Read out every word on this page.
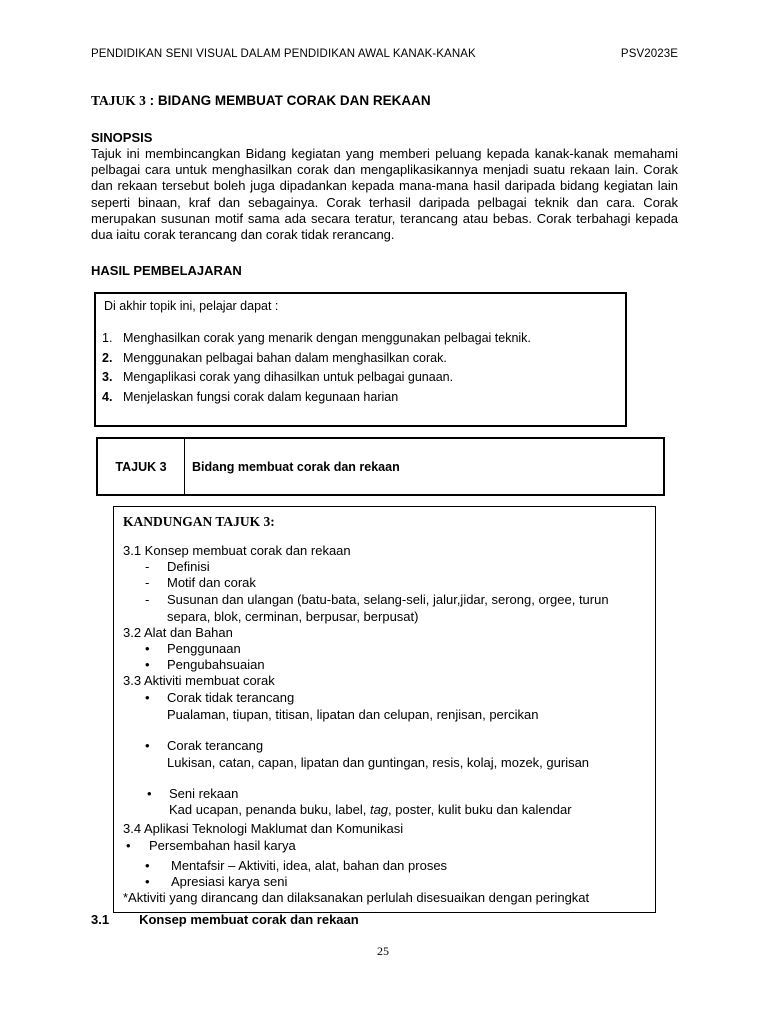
PENDIDIKAN SENI VISUAL DALAM PENDIDIKAN AWAL KANAK-KANAK	PSV2023E
TAJUK 3 : BIDANG MEMBUAT CORAK DAN REKAAN
SINOPSIS
Tajuk ini membincangkan Bidang kegiatan yang memberi peluang kepada kanak-kanak memahami pelbagai cara untuk menghasilkan corak dan mengaplikasikannya menjadi suatu rekaan lain. Corak dan rekaan tersebut boleh juga dipadankan kepada mana-mana hasil daripada bidang kegiatan lain seperti binaan, kraf dan sebagainya. Corak terhasil daripada pelbagai teknik dan cara. Corak merupakan susunan motif sama ada secara teratur, terancang atau bebas. Corak terbahagi kepada dua iaitu corak terancang dan corak tidak rerancang.
HASIL PEMBELAJARAN
Di akhir topik ini, pelajar dapat :
1. Menghasilkan corak yang menarik dengan menggunakan pelbagai teknik.
2. Menggunakan pelbagai bahan dalam menghasilkan corak.
3. Mengaplikasi corak yang dihasilkan untuk pelbagai gunaan.
4. Menjelaskan fungsi corak dalam kegunaan harian
TAJUK 3	Bidang membuat corak dan rekaan
KANDUNGAN TAJUK 3:
3.1 Konsep membuat corak dan rekaan
- Definisi
- Motif dan corak
- Susunan dan ulangan (batu-bata, selang-seli, jalur,jidar, serong, orgee, turun
separa, blok, cerminan, berpusar, berpusat)
3.2 Alat dan Bahan
• Penggunaan
• Pengubahsuaian
3.3 Aktiviti membuat corak
• Corak tidak terancang
Pualaman, tiupan, titisan, lipatan dan celupan, renjisan, percikan
• Corak terancang
Lukisan, catan, capan, lipatan dan guntingan, resis, kolaj, mozek, gurisan
• Seni rekaan
Kad ucapan, penanda buku, label, tag, poster, kulit buku dan kalendar
3.4 Aplikasi Teknologi Maklumat dan Komunikasi
• Persembahan hasil karya
• Mentafsir – Aktiviti, idea, alat, bahan dan proses
• Apresiasi karya seni
*Aktiviti yang dirancang dan dilaksanakan perlulah disesuaikan dengan peringkat
3.1 Konsep membuat corak dan rekaan
25
